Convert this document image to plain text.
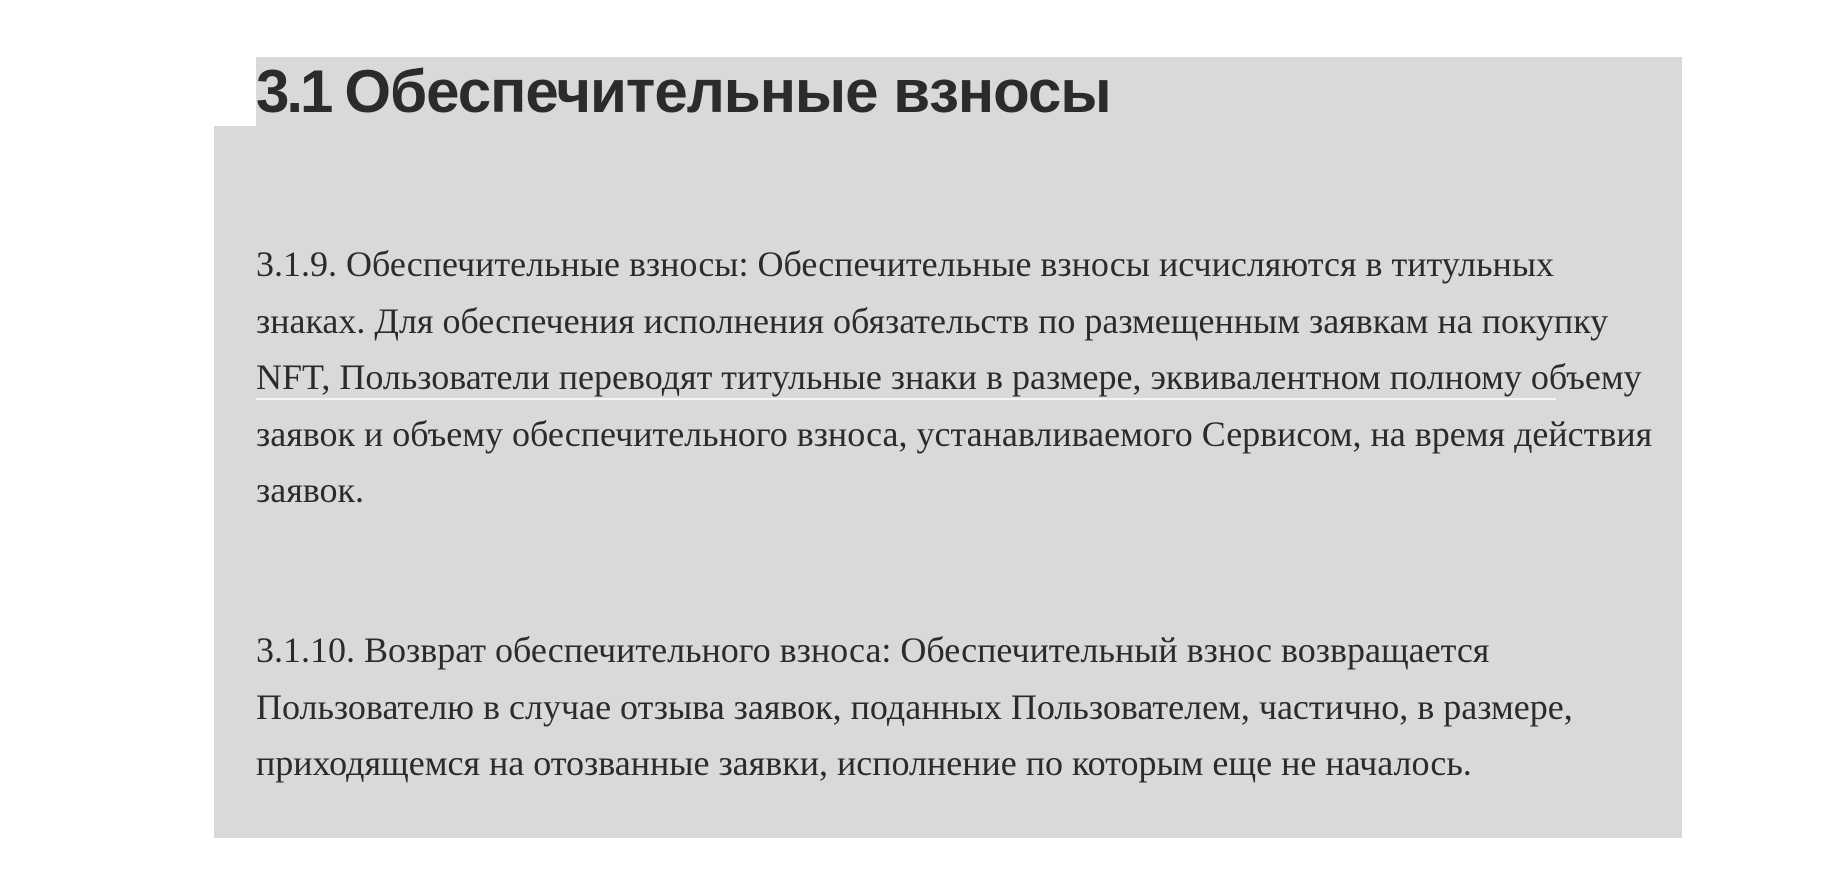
3.1 Обеспечительные взносы

3.1.9. Обеспечительные взносы: Обеспечительные взносы исчисляются в титульных знаках. Для обеспечения исполнения обязательств по размещенным заявкам на покупку NFT, Пользователи переводят титульные знаки в размере, эквивалентном полному объему заявок и объему обеспечительного взноса, устанавливаемого Сервисом, на время действия заявок.

3.1.10. Возврат обеспечительного взноса: Обеспечительный взнос возвращается Пользователю в случае отзыва заявок, поданных Пользователем, частично, в размере, приходящемся на отозванные заявки, исполнение по которым еще не началось.
